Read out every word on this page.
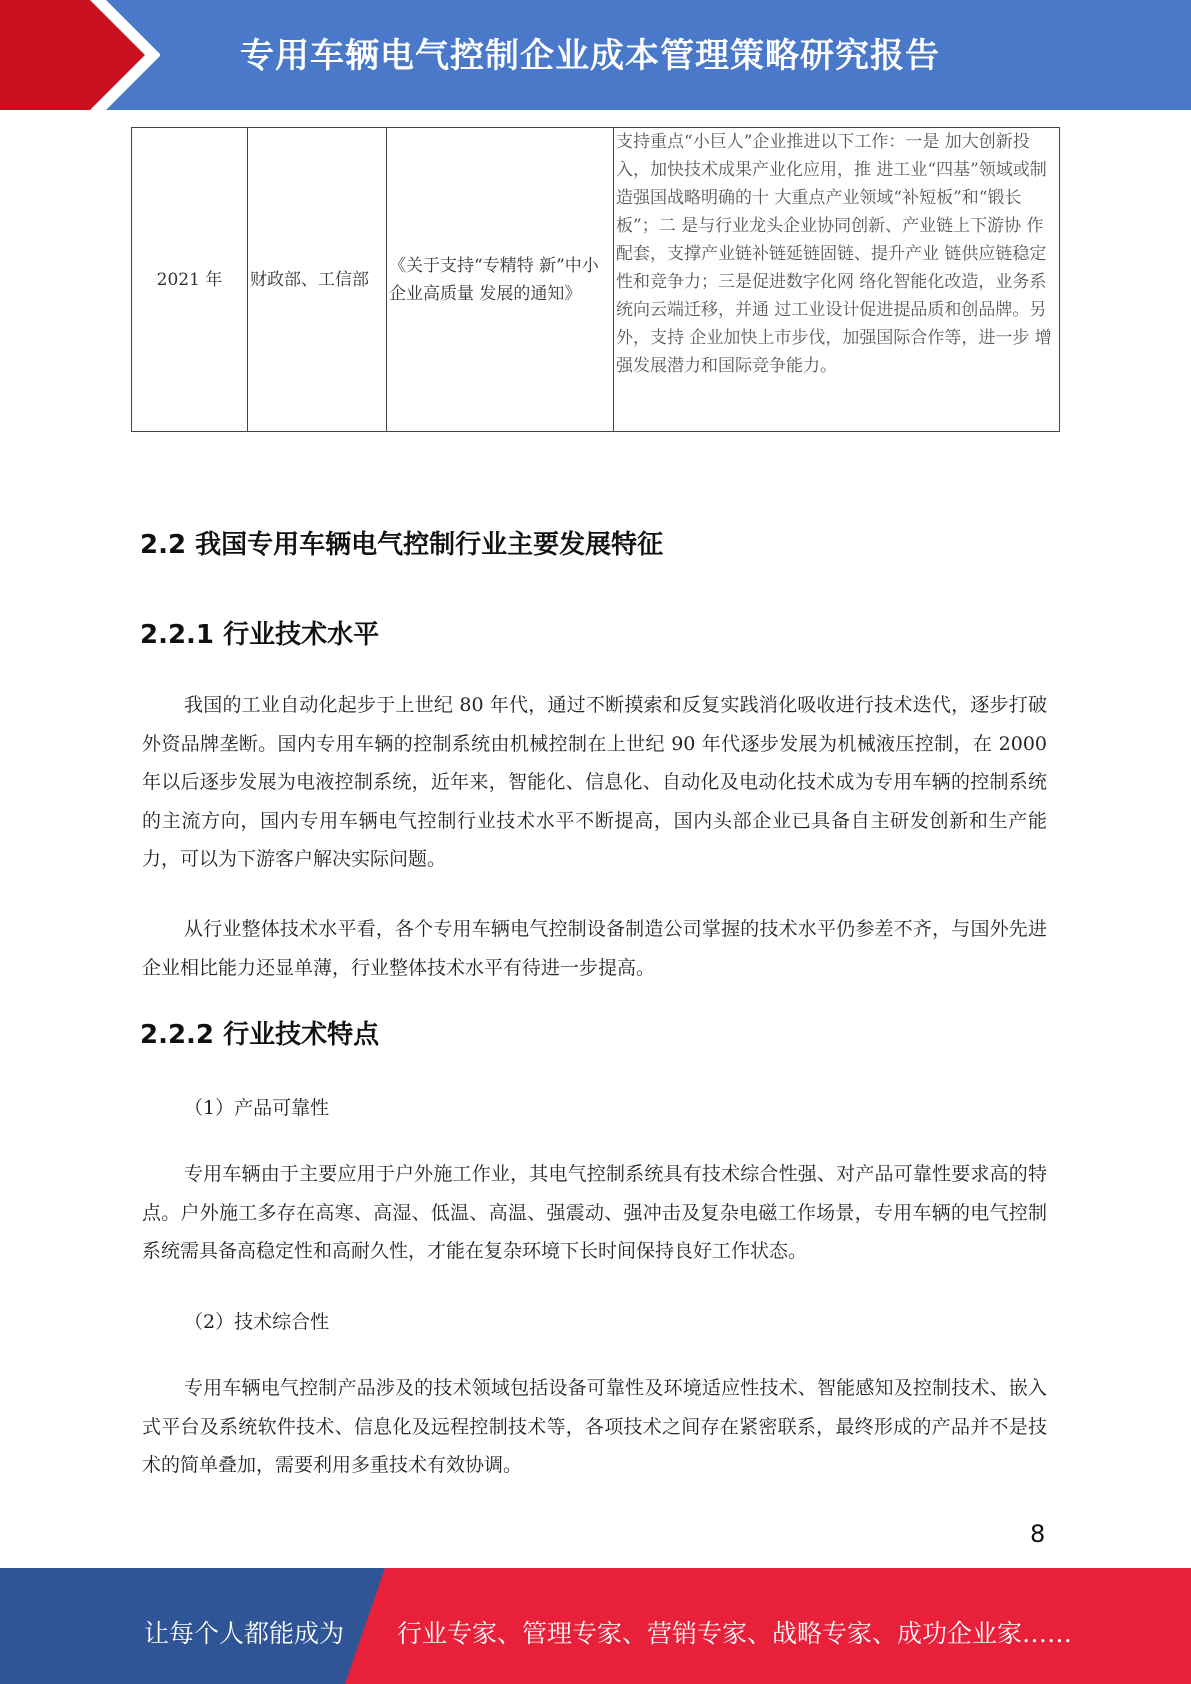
专用车辆电气控制企业成本管理策略研究报告
2021 年	财政部、工信部	《关于支持“专精特 新”中小企业高质量 发展的通知》	支持重点“小巨人”企业推进以下工作：一是 加大创新投入，加快技术成果产业化应用，推 进工业“四基”领域或制造强国战略明确的十 大重点产业领域“补短板”和“锻长板”；二 是与行业龙头企业协同创新、产业链上下游协 作配套，支撑产业链补链延链固链、提升产业 链供应链稳定性和竞争力；三是促进数字化网 络化智能化改造，业务系统向云端迁移，并通 过工业设计促进提品质和创品牌。另外，支持 企业加快上市步伐，加强国际合作等，进一步 增强发展潜力和国际竞争能力。
2.2 我国专用车辆电气控制行业主要发展特征
2.2.1 行业技术水平

我国的工业自动化起步于上世纪 80 年代，通过不断摸索和反复实践消化吸收进行技术迭代，逐步打破外资品牌垄断。国内专用车辆的控制系统由机械控制在上世纪 90 年代逐步发展为机械液压控制，在 2000 年以后逐步发展为电液控制系统，近年来，智能化、信息化、自动化及电动化技术成为专用车辆的控制系统的主流方向，国内专用车辆电气控制行业技术水平不断提高，国内头部企业已具备自主研发创新和生产能力，可以为下游客户解决实际问题。

从行业整体技术水平看，各个专用车辆电气控制设备制造公司掌握的技术水平仍参差不齐，与国外先进企业相比能力还显单薄，行业整体技术水平有待进一步提高。

2.2.2 行业技术特点
（1）产品可靠性

专用车辆由于主要应用于户外施工作业，其电气控制系统具有技术综合性强、对产品可靠性要求高的特点。户外施工多存在高寒、高湿、低温、高温、强震动、强冲击及复杂电磁工作场景，专用车辆的电气控制系统需具备高稳定性和高耐久性，才能在复杂环境下长时间保持良好工作状态。

（2）技术综合性

专用车辆电气控制产品涉及的技术领域包括设备可靠性及环境适应性技术、智能感知及控制技术、嵌入式平台及系统软件技术、信息化及远程控制技术等，各项技术之间存在紧密联系，最终形成的产品并不是技术的简单叠加，需要利用多重技术有效协调。

8
让每个人都能成为 行业专家、管理专家、营销专家、战略专家、成功企业家……
